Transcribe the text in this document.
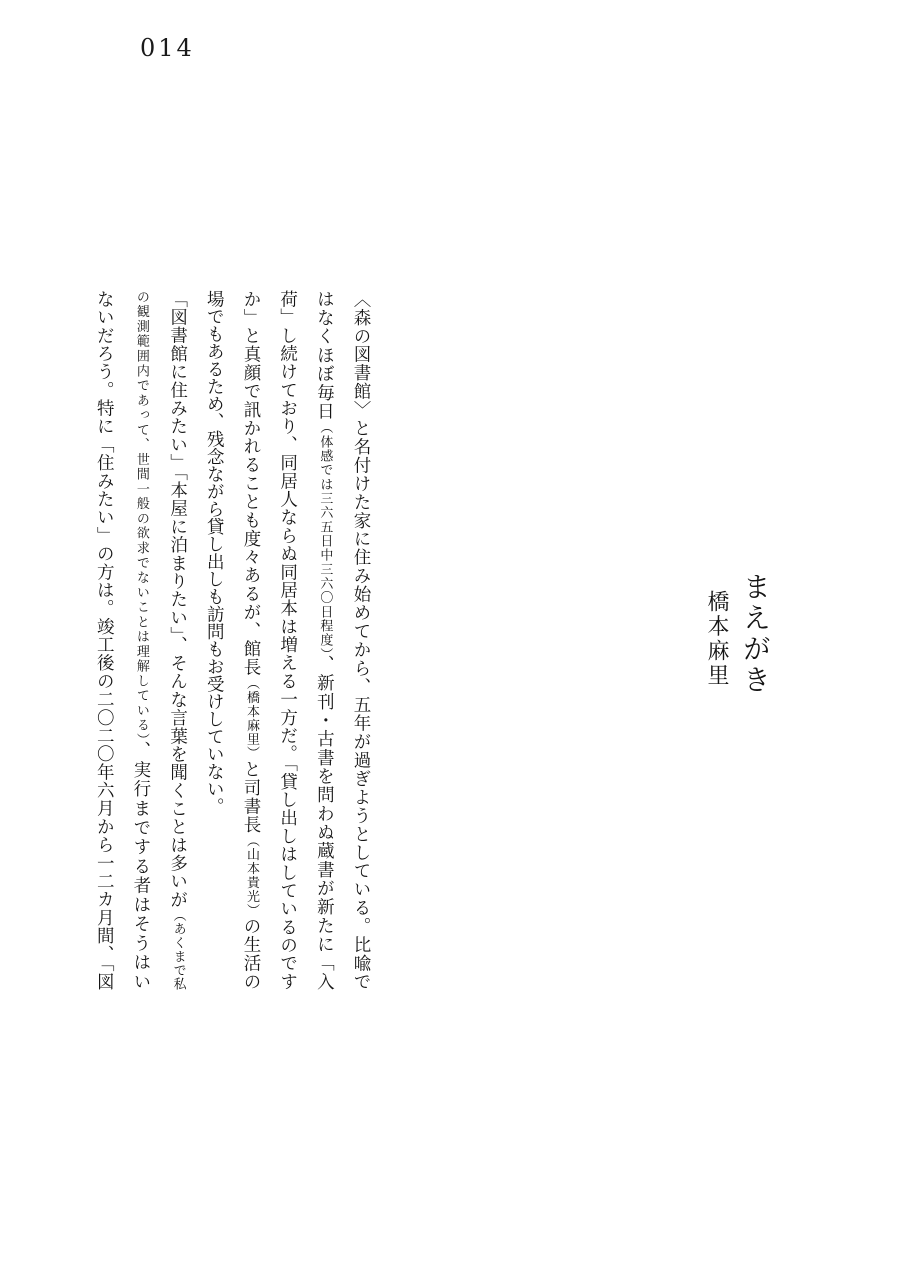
014
まえがき
橋本麻里
〈森の図書館〉と名付けた家に住み始めてから、五年が過ぎようとしている。比喩で
はなくほぼ毎日（体感では三六五日中三六〇日程度）、新刊・古書を問わぬ蔵書が新たに「入
荷」し続けており、同居人ならぬ同居本は増える一方だ。「貸し出しはしているのです
か」と真顔で訊かれることも度々あるが、館長（橋本麻里）と司書長（山本貴光）の生活の
場でもあるため、残念ながら貸し出しも訪問もお受けしていない。
「図書館に住みたい」「本屋に泊まりたい」、そんな言葉を聞くことは多いが（あくまで私
の観測範囲内であって、世間一般の欲求でないことは理解している）、実行までする者はそうはい
ないだろう。特に「住みたい」の方は。竣工後の二〇二〇年六月から一二カ月間、「図
